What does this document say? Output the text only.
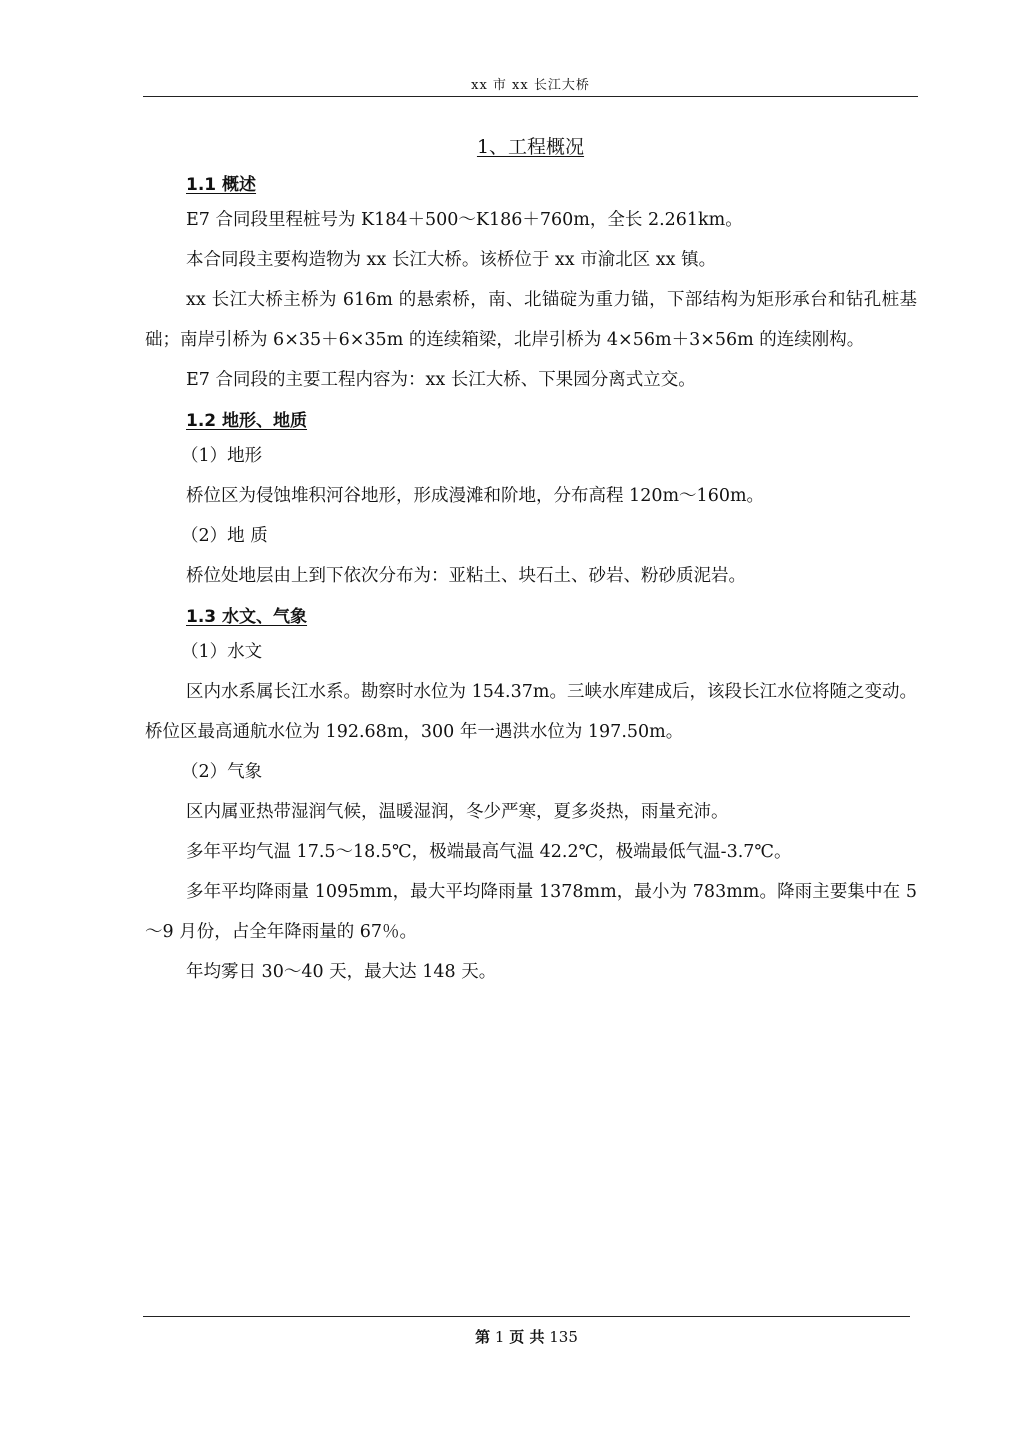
xx 市 xx 长江大桥
1、工程概况
1.1 概述

E7 合同段里程桩号为 K184＋500～K186＋760m，全长 2.261km。

本合同段主要构造物为 xx 长江大桥。该桥位于 xx 市渝北区 xx 镇。

xx 长江大桥主桥为 616m 的悬索桥，南、北锚碇为重力锚，下部结构为矩形承台和钻孔桩基础；南岸引桥为 6×35＋6×35m 的连续箱梁，北岸引桥为 4×56m＋3×56m 的连续刚构。

E7 合同段的主要工程内容为：xx 长江大桥、下果园分离式立交。

1.2 地形、地质

（1）地形

桥位区为侵蚀堆积河谷地形，形成漫滩和阶地，分布高程 120m～160m。

（2）地 质

桥位处地层由上到下依次分布为：亚粘土、块石土、砂岩、粉砂质泥岩。

1.3 水文、气象

（1）水文

区内水系属长江水系。勘察时水位为 154.37m。三峡水库建成后，该段长江水位将随之变动。桥位区最高通航水位为 192.68m，300 年一遇洪水位为 197.50m。

（2）气象

区内属亚热带湿润气候，温暖湿润，冬少严寒，夏多炎热，雨量充沛。

多年平均气温 17.5～18.5℃，极端最高气温 42.2℃，极端最低气温-3.7℃。

多年平均降雨量 1095mm，最大平均降雨量 1378mm，最小为 783mm。降雨主要集中在 5～9 月份，占全年降雨量的 67％。

年均雾日 30～40 天，最大达 148 天。

第 1 页 共 135
